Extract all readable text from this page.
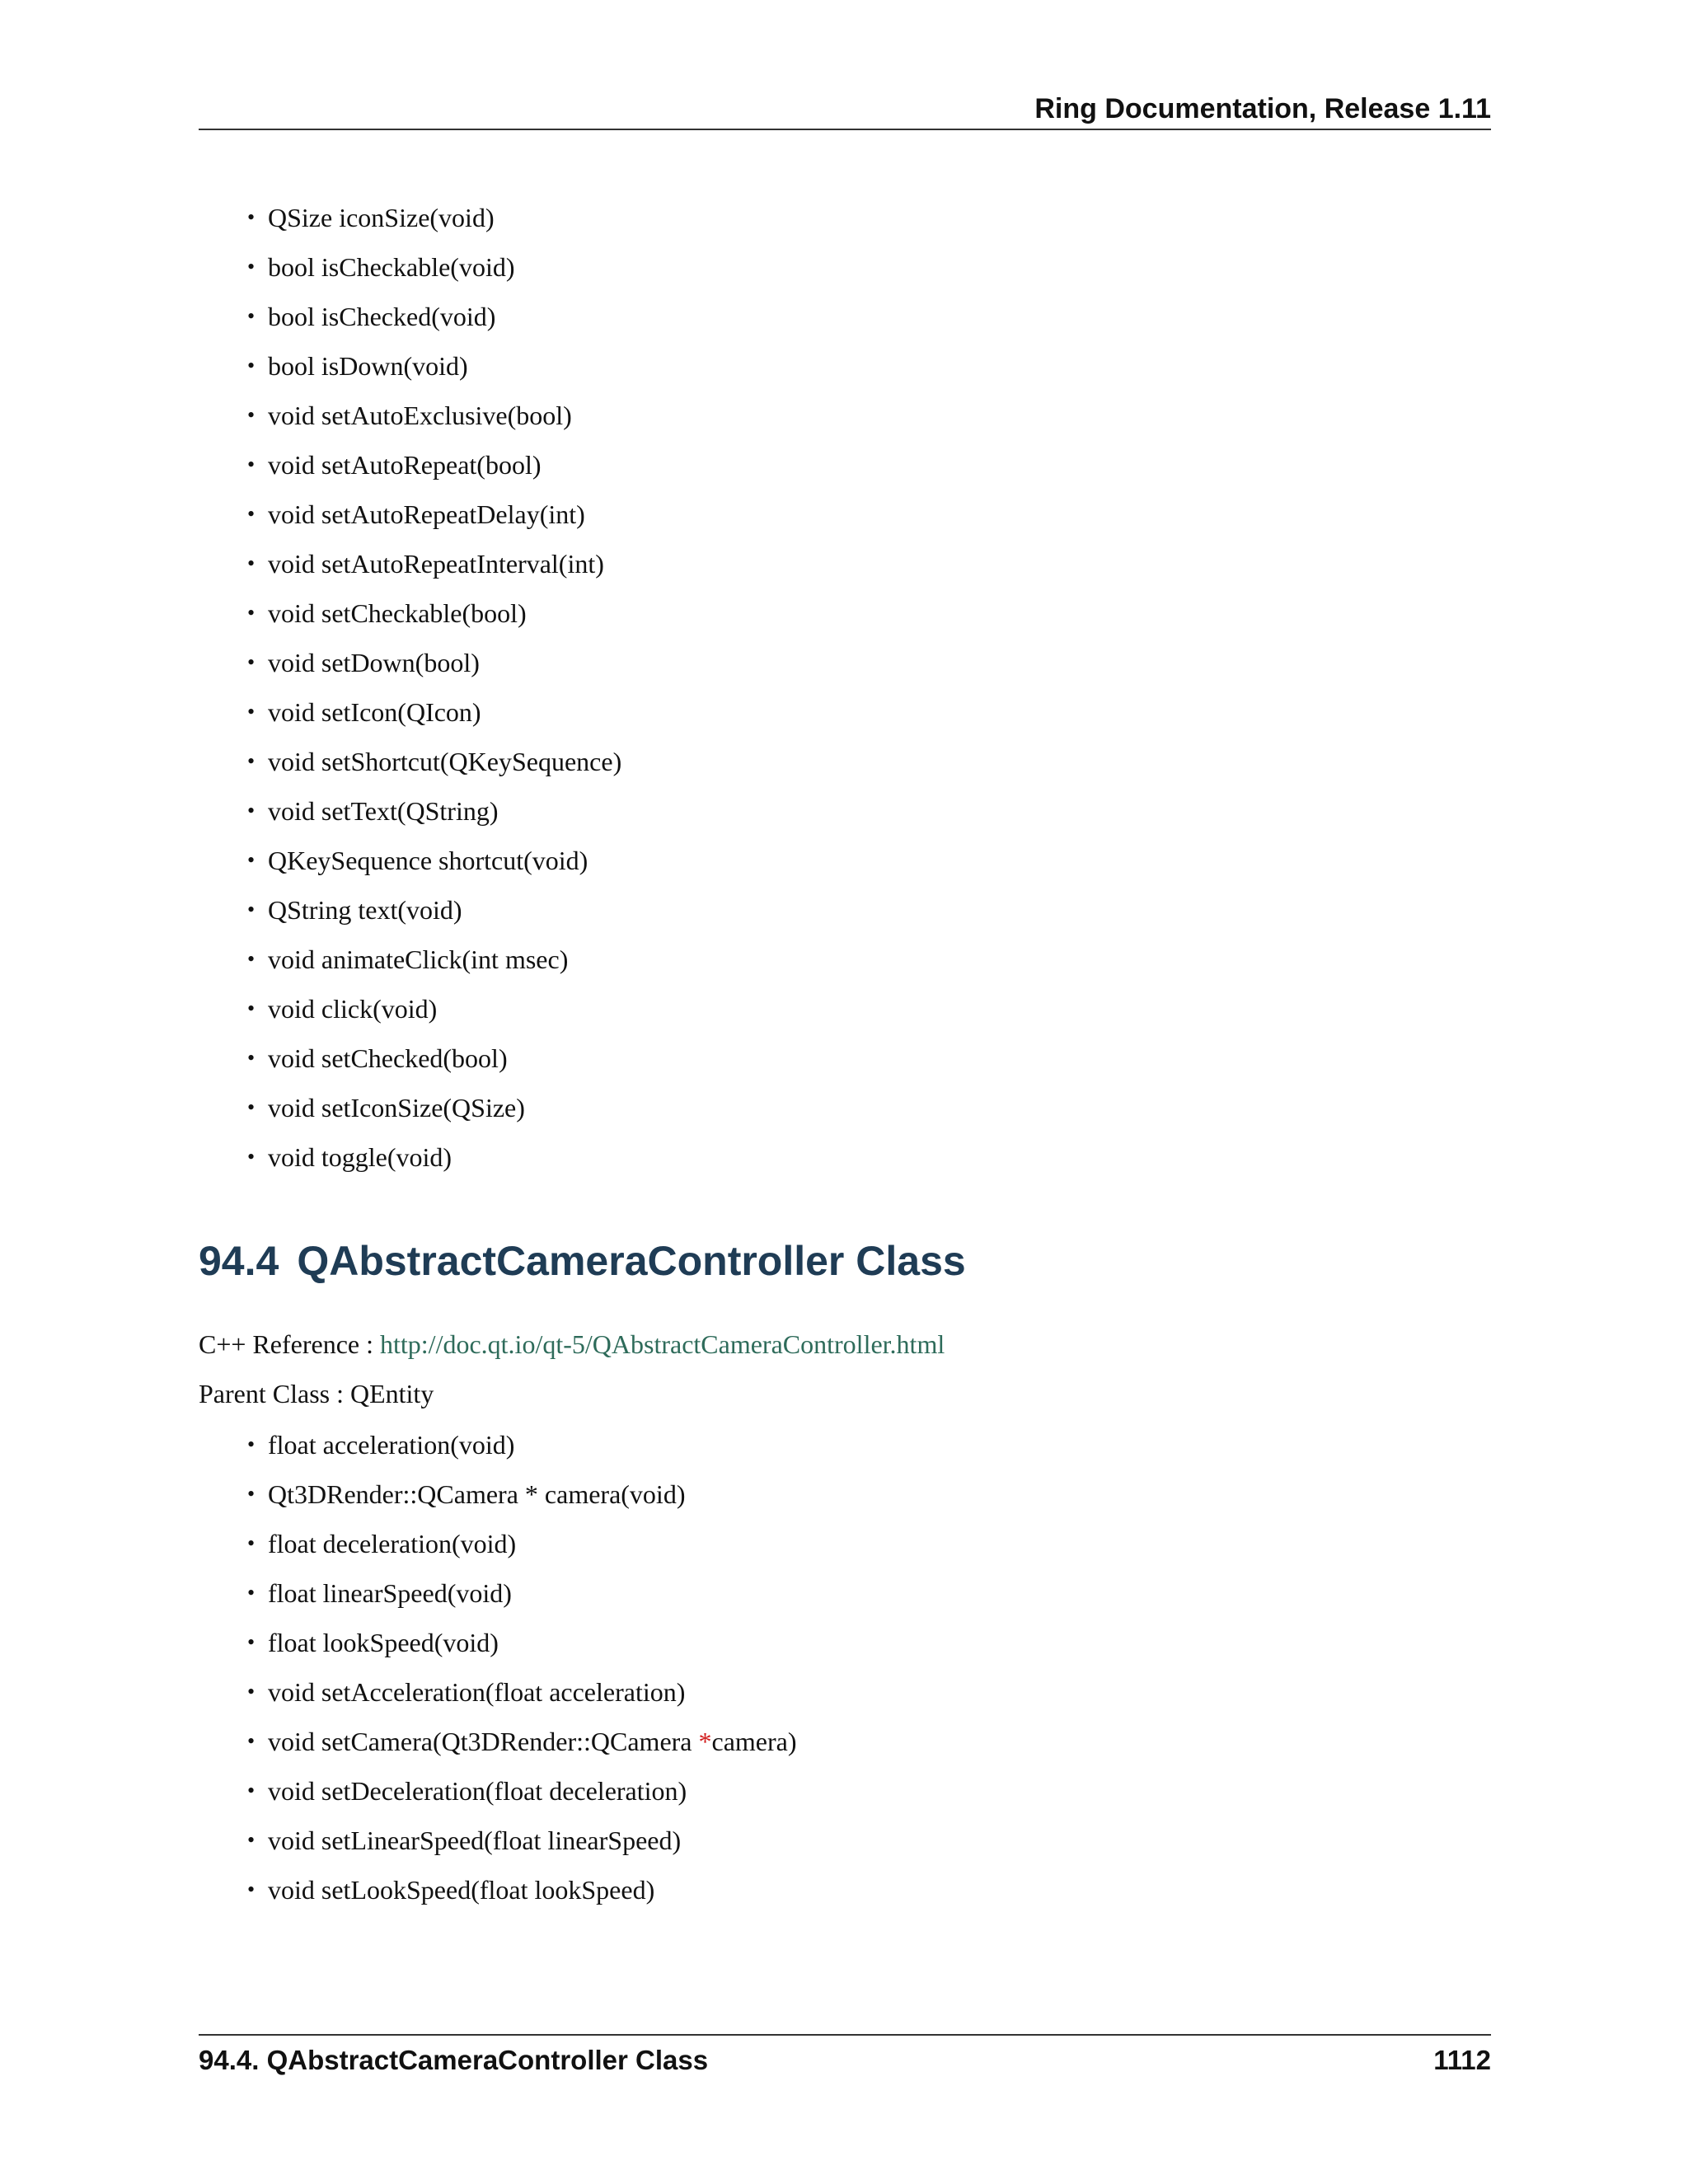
Ring Documentation, Release 1.11
• QSize iconSize(void)
• bool isCheckable(void)
• bool isChecked(void)
• bool isDown(void)
• void setAutoExclusive(bool)
• void setAutoRepeat(bool)
• void setAutoRepeatDelay(int)
• void setAutoRepeatInterval(int)
• void setCheckable(bool)
• void setDown(bool)
• void setIcon(QIcon)
• void setShortcut(QKeySequence)
• void setText(QString)
• QKeySequence shortcut(void)
• QString text(void)
• void animateClick(int msec)
• void click(void)
• void setChecked(bool)
• void setIconSize(QSize)
• void toggle(void)
94.4 QAbstractCameraController Class
C++ Reference : http://doc.qt.io/qt-5/QAbstractCameraController.html
Parent Class : QEntity
• float acceleration(void)
• Qt3DRender::QCamera * camera(void)
• float deceleration(void)
• float linearSpeed(void)
• float lookSpeed(void)
• void setAcceleration(float acceleration)
• void setCamera(Qt3DRender::QCamera *camera)
• void setDeceleration(float deceleration)
• void setLinearSpeed(float linearSpeed)
• void setLookSpeed(float lookSpeed)
94.4. QAbstractCameraController Class	1112
